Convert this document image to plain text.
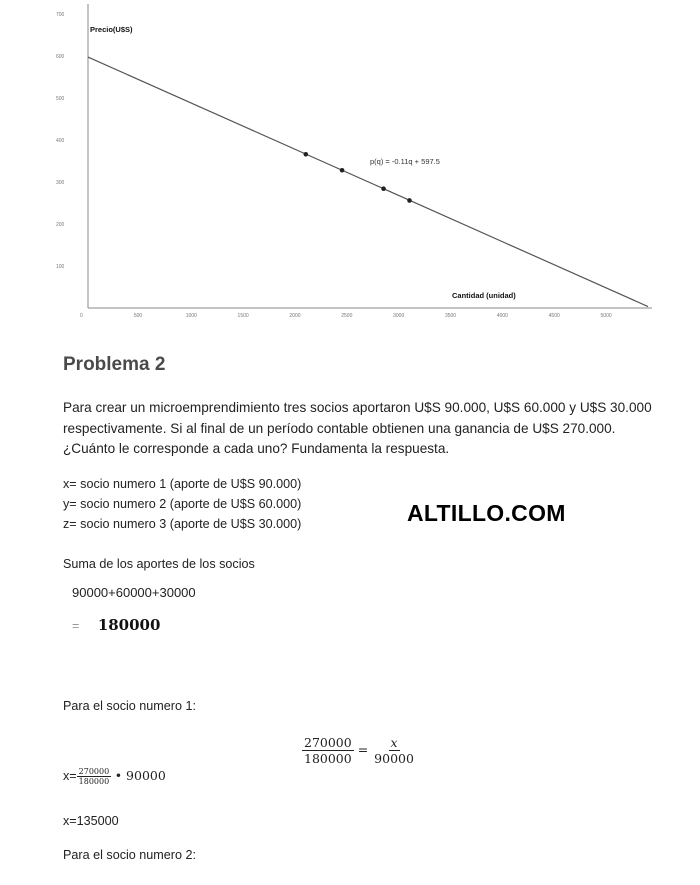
100
200
300
400
500
600
700
0	500	1000	1500	2000	2500	3000	3500	4000	4500	5000
Precio(U$S)
Cantidad (unidad)
p(q) = -0.11q + 597.5
Problema 2
Para crear un microemprendimiento tres socios aportaron U$S 90.000, U$S 60.000 y U$S 30.000 respectivamente. Si al final de un período contable obtienen una ganancia de U$S 270.000. ¿Cuánto le corresponde a cada uno? Fundamenta la respuesta.
x= socio numero 1 (aporte de U$S 90.000)
y= socio numero 2 (aporte de U$S 60.000)
z= socio numero 3 (aporte de U$S 30.000)	ALTILLO.COM
Suma de los aportes de los socios
90000+60000+30000
= 180000
Para el socio numero 1:
$\frac{270000}{180000} = \frac{x}{90000}$
$x= \frac{270000}{180000}$ • 90000
x=135000
Para el socio numero 2:
